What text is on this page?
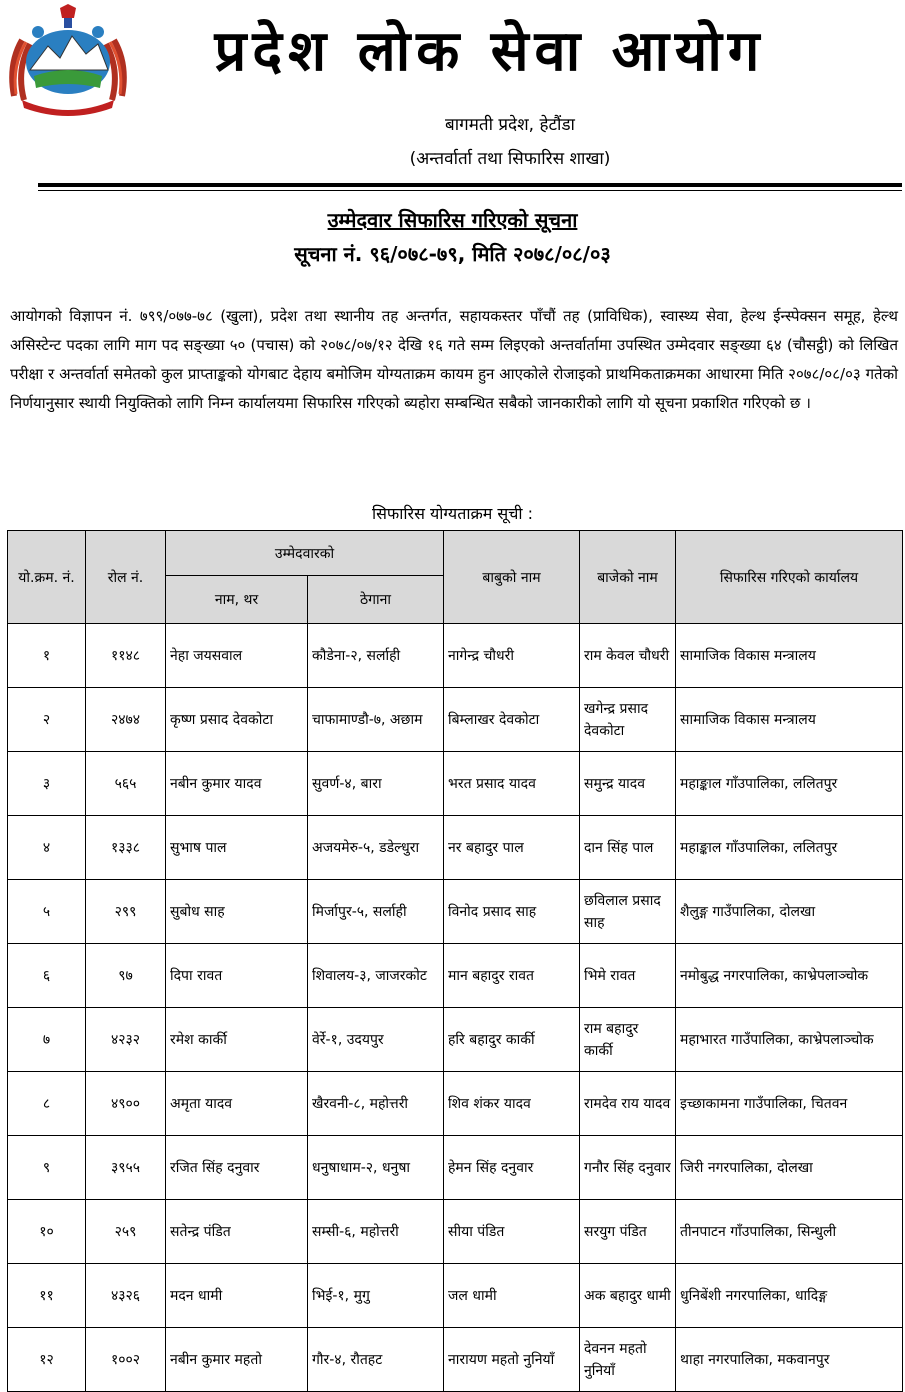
प्रदेश लोक सेवा आयोग
बागमती प्रदेश, हेटौंडा
(अन्तर्वार्ता तथा सिफारिस शाखा)
उम्मेदवार सिफारिस गरिएको सूचना
सूचना नं. ९६/०७८-७९, मिति २०७८/०८/०३

आयोगको विज्ञापन नं. ७९९/०७७-७८ (खुला), प्रदेश तथा स्थानीय तह अन्तर्गत, सहायकस्तर पाँचौं तह (प्राविधिक), स्वास्थ्य सेवा, हेल्थ ईन्स्पेक्सन समूह, हेल्थ असिस्टेन्ट पदका लागि माग पद सङ्ख्या ५० (पचास) को २०७८/०७/१२ देखि १६ गते सम्म लिइएको अन्तर्वार्तामा उपस्थित उम्मेदवार सङ्ख्या ६४ (चौसट्ठी) को लिखित परीक्षा र अन्तर्वार्ता समेतको कुल प्राप्ताङ्कको योगबाट देहाय बमोजिम योग्यताक्रम कायम हुन आएकोले रोजाइको प्राथमिकताक्रमका आधारमा मिति २०७८/०८/०३ गतेको निर्णयानुसार स्थायी नियुक्तिको लागि निम्न कार्यालयमा सिफारिस गरिएको ब्यहोरा सम्बन्धित सबैको जानकारीको लागि यो सूचना प्रकाशित गरिएको छ ।

सिफारिस योग्यताक्रम सूची :
यो.क्रम. नं.	रोल नं.	उम्मेदवारको		बाबुको नाम	बाजेको नाम	सिफारिस गरिएको कार्यालय
		नाम, थर	ठेगाना			
१	११४८	नेहा जयसवाल	कौडेना-२, सर्लाही	नागेन्द्र चौधरी	राम केवल चौधरी	सामाजिक विकास मन्त्रालय
२	२४७४	कृष्ण प्रसाद देवकोटा	चाफामाण्डौ-७, अछाम	बिम्लाखर देवकोटा	खगेन्द्र प्रसाद देवकोटा	सामाजिक विकास मन्त्रालय
३	५६५	नबीन कुमार यादव	सुवर्ण-४, बारा	भरत प्रसाद यादव	समुन्द्र यादव	महाङ्काल गाँउपालिका, ललितपुर
४	१३३८	सुभाष पाल	अजयमेरु-५, डडेल्धुरा	नर बहादुर पाल	दान सिंह पाल	महाङ्काल गाँउपालिका, ललितपुर
५	२९९	सुबोध साह	मिर्जापुर-५, सर्लाही	विनोद प्रसाद साह	छविलाल प्रसाद साह	शैलुङ्ग गाउँपालिका, दोलखा
६	९७	दिपा रावत	शिवालय-३, जाजरकोट	मान बहादुर रावत	भिमे रावत	नमोबुद्ध नगरपालिका, काभ्रेपलाञ्चोक
७	४२३२	रमेश कार्की	वेर्रे-१, उदयपुर	हरि बहादुर कार्की	राम बहादुर कार्की	महाभारत गाउँपालिका, काभ्रेपलाञ्चोक
८	४९००	अमृता यादव	खैरवनी-८, महोत्तरी	शिव शंकर यादव	रामदेव राय यादव	इच्छाकामना गाउँपालिका, चितवन
९	३९५५	रजित सिंह दनुवार	धनुषाधाम-२, धनुषा	हेमन सिंह दनुवार	गनौर सिंह दनुवार	जिरी नगरपालिका, दोलखा
१०	२५९	सतेन्द्र पंडित	सम्सी-६, महोत्तरी	सीया पंडित	सरयुग पंडित	तीनपाटन गाँउपालिका, सिन्धुली
११	४३२६	मदन धामी	भिई-१, मुगु	जल धामी	अक बहादुर धामी	धुनिबेंशी नगरपालिका, धादिङ्ग
१२	१००२	नबीन कुमार महतो	गौर-४, रौतहट	नारायण महतो नुनियाँ	देवनन महतो नुनियाँ	थाहा नगरपालिका, मकवानपुर
